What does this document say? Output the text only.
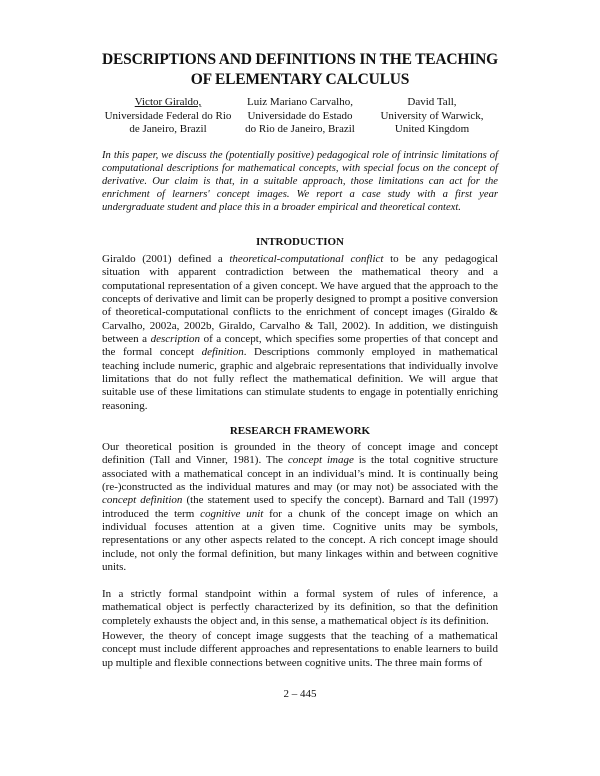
DESCRIPTIONS AND DEFINITIONS IN THE TEACHING OF ELEMENTARY CALCULUS
Victor Giraldo,
Universidade Federal do Rio
de Janeiro, Brazil
Luiz Mariano Carvalho,
Universidade do Estado
do Rio de Janeiro, Brazil
David Tall,
University of Warwick,
United Kingdom

In this paper, we discuss the (potentially positive) pedagogical role of intrinsic limitations of computational descriptions for mathematical concepts, with special focus on the concept of derivative. Our claim is that, in a suitable approach, those limitations can act for the enrichment of learners' concept images. We report a case study with a first year undergraduate student and place this in a broader empirical and theoretical context.

INTRODUCTION

Giraldo (2001) defined a theoretical-computational conflict to be any pedagogical situation with apparent contradiction between the mathematical theory and a computational representation of a given concept. We have argued that the approach to the concepts of derivative and limit can be properly designed to prompt a positive conversion of theoretical-computational conflicts to the enrichment of concept images (Giraldo & Carvalho, 2002a, 2002b, Giraldo, Carvalho & Tall, 2002). In addition, we distinguish between a description of a concept, which specifies some properties of that concept and the formal concept definition. Descriptions commonly employed in mathematical teaching include numeric, graphic and algebraic representations that individually involve limitations that do not fully reflect the mathematical definition. We will argue that suitable use of these limitations can stimulate students to engage in potentially enriching reasoning.

RESEARCH FRAMEWORK

Our theoretical position is grounded in the theory of concept image and concept definition (Tall and Vinner, 1981). The concept image is the total cognitive structure associated with a mathematical concept in an individual’s mind. It is continually being (re-)constructed as the individual matures and may (or may not) be associated with the concept definition (the statement used to specify the concept). Barnard and Tall (1997) introduced the term cognitive unit for a chunk of the concept image on which an individual focuses attention at a given time. Cognitive units may be symbols, representations or any other aspects related to the concept. A rich concept image should include, not only the formal definition, but many linkages within and between cognitive units.

In a strictly formal standpoint within a formal system of rules of inference, a mathematical object is perfectly characterized by its definition, so that the definition completely exhausts the object and, in this sense, a mathematical object is its definition.

However, the theory of concept image suggests that the teaching of a mathematical concept must include different approaches and representations to enable learners to build up multiple and flexible connections between cognitive units. The three main forms of

2 – 445
